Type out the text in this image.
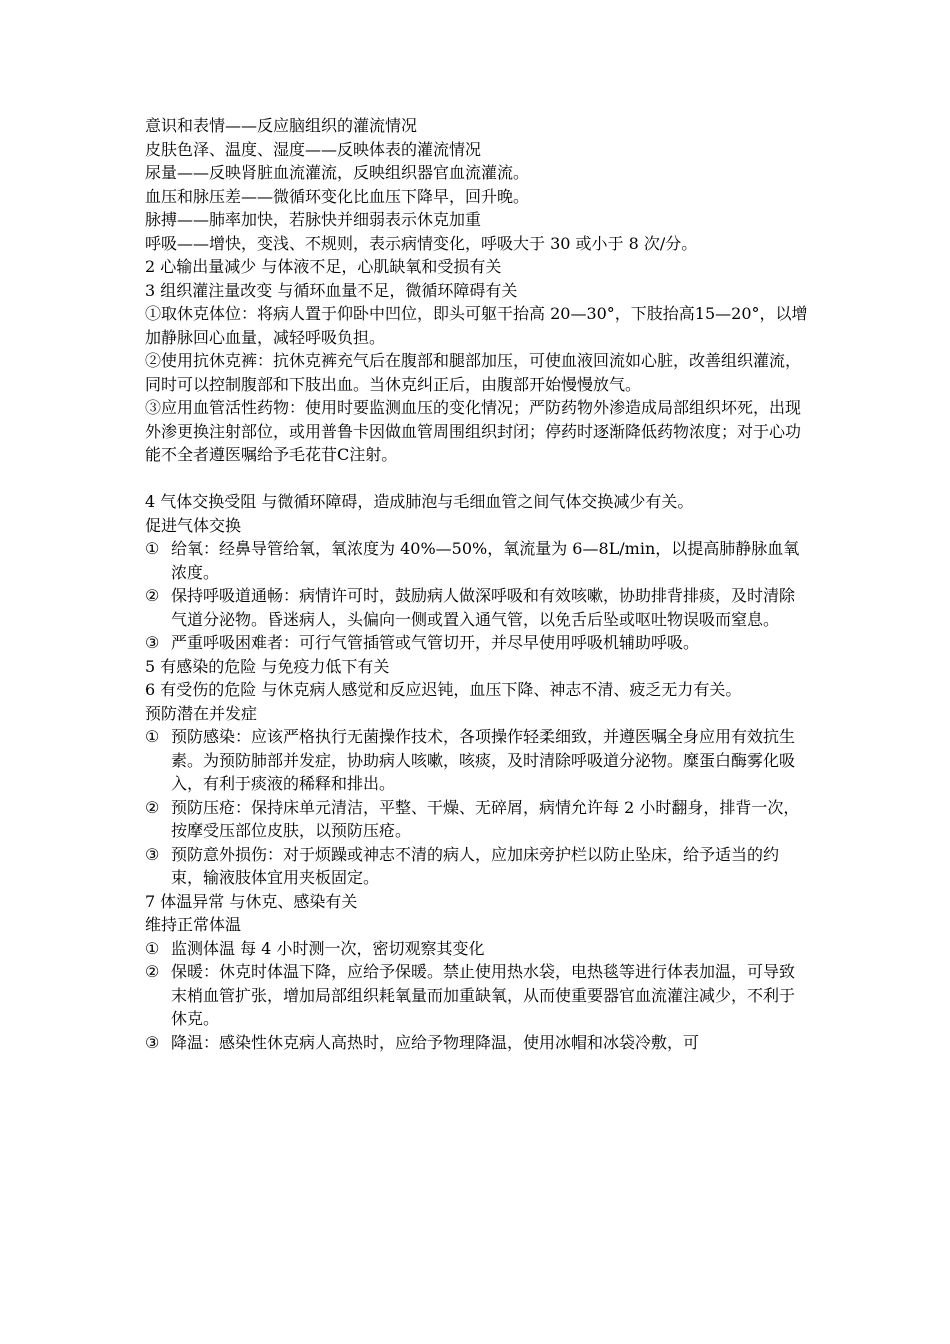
意识和表情——反应脑组织的灌流情况

皮肤色泽、温度、湿度——反映体表的灌流情况

尿量——反映肾脏血流灌流，反映组织器官血流灌流。

血压和脉压差——微循环变化比血压下降早，回升晚。

脉搏——肺率加快，若脉快并细弱表示休克加重

呼吸——增快，变浅、不规则，表示病情变化，呼吸大于 30 或小于 8 次/分。

2 心输出量减少 与体液不足，心肌缺氧和受损有关

3 组织灌注量改变 与循环血量不足，微循环障碍有关

①取休克体位：将病人置于仰卧中凹位，即头可躯干抬高 20—30°，下肢抬高15—20°，以增加静脉回心血量，减轻呼吸负担。

②使用抗休克裤：抗休克裤充气后在腹部和腿部加压，可使血液回流如心脏，改善组织灌流，同时可以控制腹部和下肢出血。当休克纠正后，由腹部开始慢慢放气。

③应用血管活性药物：使用时要监测血压的变化情况；严防药物外渗造成局部组织坏死，出现外渗更换注射部位，或用普鲁卡因做血管周围组织封闭；停药时逐渐降低药物浓度；对于心功能不全者遵医嘱给予毛花苷C注射。

4 气体交换受阻 与微循环障碍，造成肺泡与毛细血管之间气体交换减少有关。

促进气体交换

① 给氧：经鼻导管给氧，氧浓度为 40%—50%，氧流量为 6—8L/min，以提高肺静脉血氧浓度。
② 保持呼吸道通畅：病情许可时，鼓励病人做深呼吸和有效咳嗽，协助排背排痰，及时清除气道分泌物。昏迷病人，头偏向一侧或置入通气管，以免舌后坠或呕吐物误吸而窒息。
③ 严重呼吸困难者：可行气管插管或气管切开，并尽早使用呼吸机辅助呼吸。

5 有感染的危险 与免疫力低下有关

6 有受伤的危险 与休克病人感觉和反应迟钝，血压下降、神志不清、疲乏无力有关。

预防潜在并发症

① 预防感染：应该严格执行无菌操作技术，各项操作轻柔细致，并遵医嘱全身应用有效抗生素。为预防肺部并发症，协助病人咳嗽，咳痰，及时清除呼吸道分泌物。糜蛋白酶雾化吸入，有利于痰液的稀释和排出。
② 预防压疮：保持床单元清洁，平整、干燥、无碎屑，病情允许每 2 小时翻身，排背一次，按摩受压部位皮肤，以预防压疮。
③ 预防意外损伤：对于烦躁或神志不清的病人，应加床旁护栏以防止坠床，给予适当的约束，输液肢体宜用夹板固定。

7 体温异常 与休克、感染有关

维持正常体温

① 监测体温 每 4 小时测一次，密切观察其变化
② 保暖：休克时体温下降，应给予保暖。禁止使用热水袋，电热毯等进行体表加温，可导致末梢血管扩张，增加局部组织耗氧量而加重缺氧，从而使重要器官血流灌注减少，不利于休克。
③ 降温：感染性休克病人高热时，应给予物理降温，使用冰帽和冰袋冷敷，可
